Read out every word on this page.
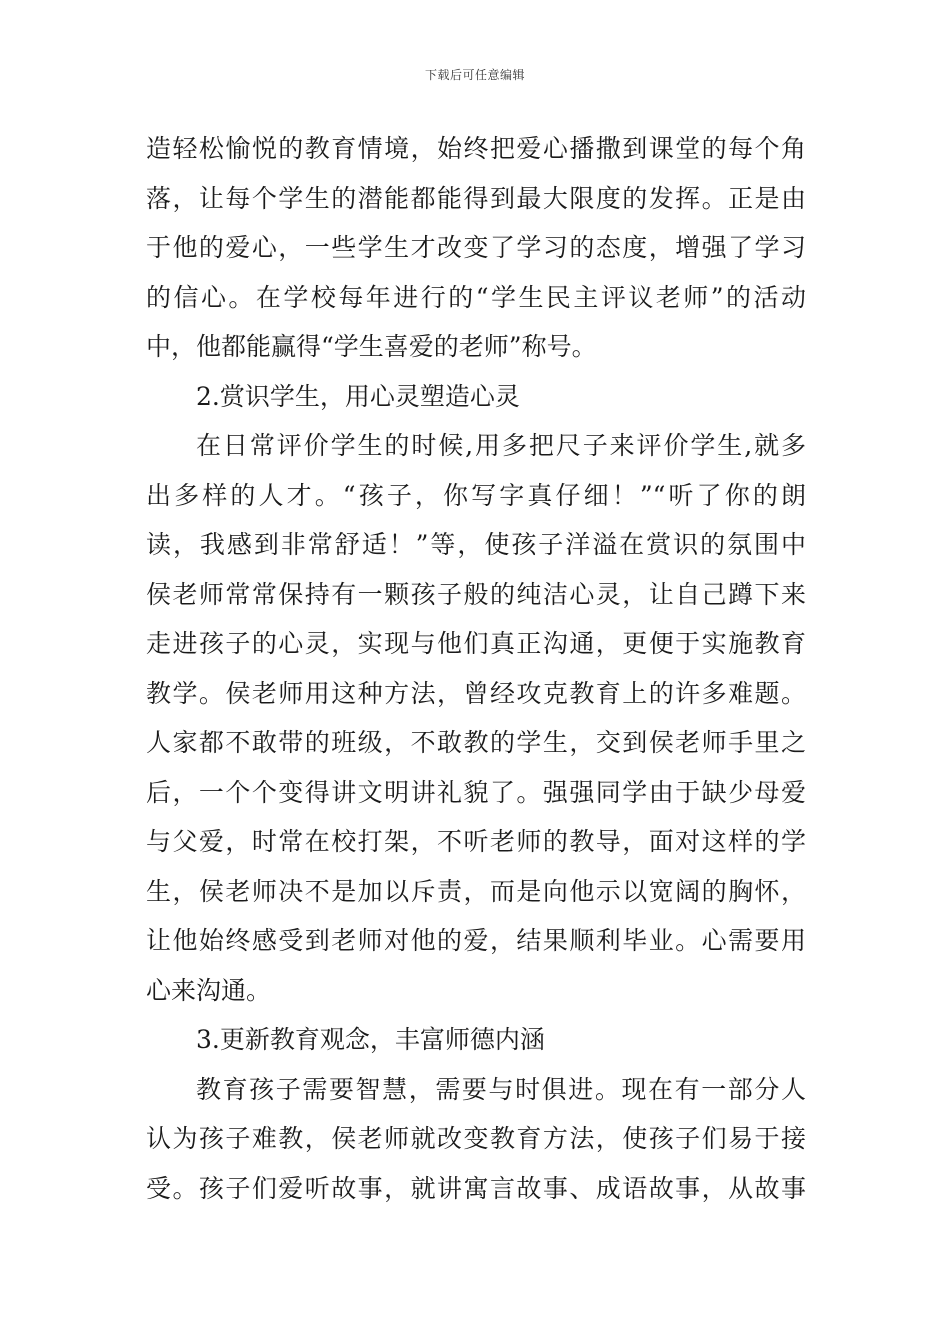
下载后可任意编辑
造轻松愉悦的教育情境，始终把爱心播撒到课堂的每个角
落，让每个学生的潜能都能得到最大限度的发挥。正是由
于他的爱心，一些学生才改变了学习的态度，增强了学习
的信心。在学校每年进行的“学生民主评议老师”的活动
中，他都能赢得“学生喜爱的老师”称号。
2.赏识学生，用心灵塑造心灵
在日常评价学生的时候,用多把尺子来评价学生,就多
出多样的人才。“孩子，你写字真仔细！”“听了你的朗
读，我感到非常舒适！”等，使孩子洋溢在赏识的氛围中
侯老师常常保持有一颗孩子般的纯洁心灵，让自己蹲下来
走进孩子的心灵，实现与他们真正沟通，更便于实施教育
教学。侯老师用这种方法，曾经攻克教育上的许多难题。
人家都不敢带的班级，不敢教的学生，交到侯老师手里之
后，一个个变得讲文明讲礼貌了。强强同学由于缺少母爱
与父爱，时常在校打架，不听老师的教导，面对这样的学
生，侯老师决不是加以斥责，而是向他示以宽阔的胸怀，
让他始终感受到老师对他的爱，结果顺利毕业。心需要用
心来沟通。
3.更新教育观念，丰富师德内涵
教育孩子需要智慧，需要与时俱进。现在有一部分人
认为孩子难教，侯老师就改变教育方法，使孩子们易于接
受。孩子们爱听故事，就讲寓言故事、成语故事，从故事
